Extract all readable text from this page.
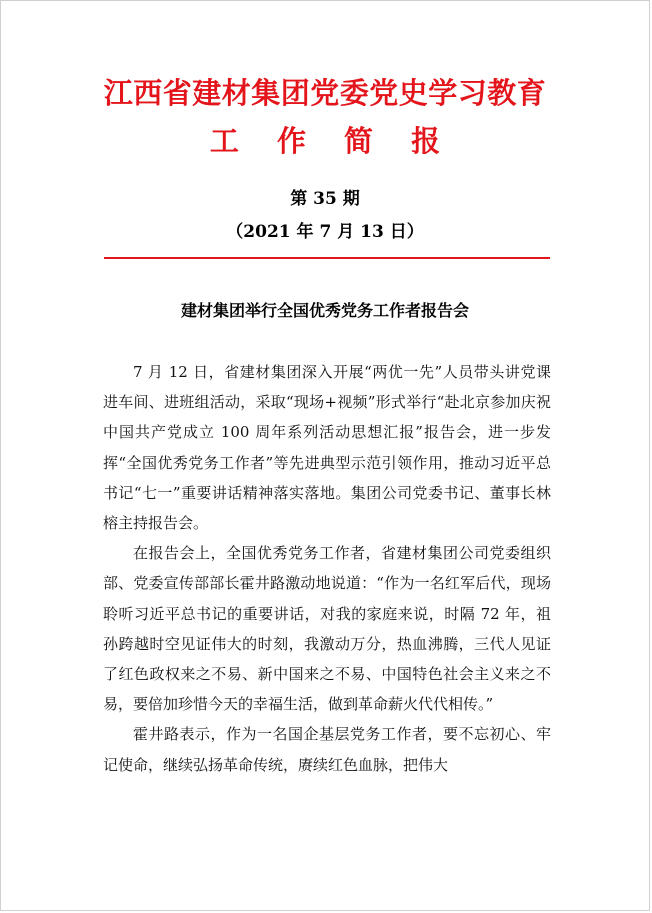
江西省建材集团党委党史学习教育
工 作 简 报
第 35 期
（2021 年 7 月 13 日）
建材集团举行全国优秀党务工作者报告会

7 月 12 日，省建材集团深入开展“两优一先”人员带头讲党课进车间、进班组活动，采取“现场+视频”形式举行“赴北京参加庆祝中国共产党成立 100 周年系列活动思想汇报”报告会，进一步发挥“全国优秀党务工作者”等先进典型示范引领作用，推动习近平总书记“七一”重要讲话精神落实落地。集团公司党委书记、董事长林榕主持报告会。

在报告会上，全国优秀党务工作者，省建材集团公司党委组织部、党委宣传部部长霍井路激动地说道：“作为一名红军后代，现场聆听习近平总书记的重要讲话，对我的家庭来说，时隔 72 年，祖孙跨越时空见证伟大的时刻，我激动万分，热血沸腾，三代人见证了红色政权来之不易、新中国来之不易、中国特色社会主义来之不易，要倍加珍惜今天的幸福生活，做到革命薪火代代相传。”

霍井路表示，作为一名国企基层党务工作者，要不忘初心、牢记使命，继续弘扬革命传统，赓续红色血脉，把伟大
